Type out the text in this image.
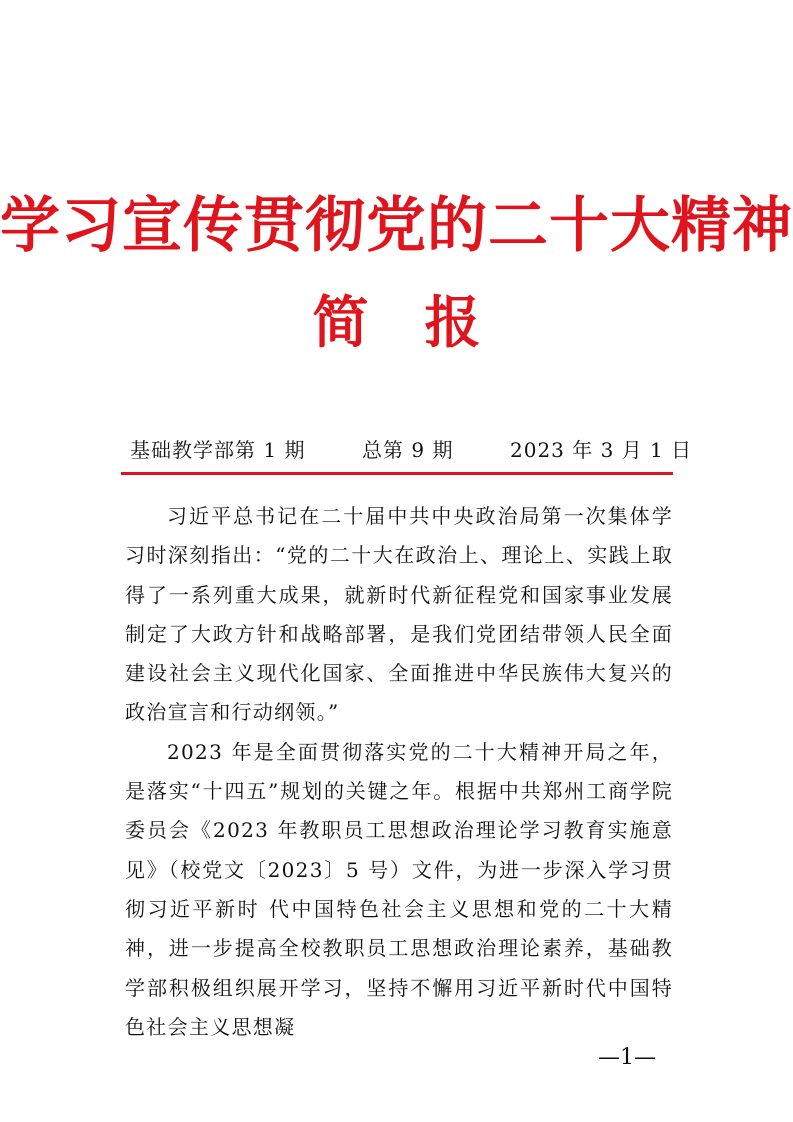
学习宣传贯彻党的二十大精神
简报
基础教学部第 1 期	总第 9 期	2023 年 3 月 1 日

习近平总书记在二十届中共中央政治局第一次集体学习时深刻指出：“党的二十大在政治上、理论上、实践上取得了一系列重大成果，就新时代新征程党和国家事业发展制定了大政方针和战略部署，是我们党团结带领人民全面建设社会主义现代化国家、全面推进中华民族伟大复兴的政治宣言和行动纲领。”

2023 年是全面贯彻落实党的二十大精神开局之年，是落实“十四五”规划的关键之年。根据中共郑州工商学院委员会《2023 年教职员工思想政治理论学习教育实施意见》（校党文〔2023〕5 号）文件，为进一步深入学习贯彻习近平新时 代中国特色社会主义思想和党的二十大精神，进一步提高全校教职员工思想政治理论素养，基础教学部积极组织展开学习，坚持不懈用习近平新时代中国特色社会主义思想凝

—1—
